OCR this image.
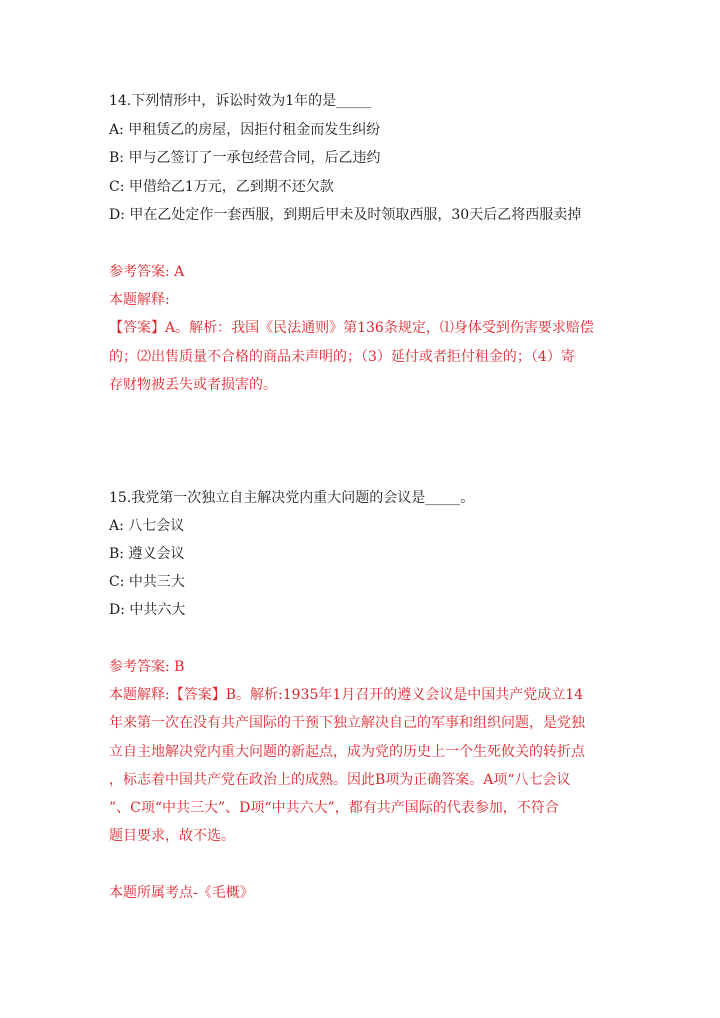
14.下列情形中，诉讼时效为1年的是_____
A: 甲租赁乙的房屋，因拒付租金而发生纠纷
B: 甲与乙签订了一承包经营合同，后乙违约
C: 甲借给乙1万元，乙到期不还欠款
D: 甲在乙处定作一套西服，到期后甲未及时领取西服，30天后乙将西服卖掉
参考答案: A
本题解释:
【答案】A。解析：我国《民法通则》第136条规定，⑴身体受到伤害要求赔偿
的；⑵出售质量不合格的商品未声明的；（3）延付或者拒付租金的；（4）寄
存财物被丢失或者损害的。
15.我党第一次独立自主解决党内重大问题的会议是_____。
A: 八七会议
B: 遵义会议
C: 中共三大
D: 中共六大
参考答案: B
本题解释:【答案】B。解析:1935年1月召开的遵义会议是中国共产党成立14
年来第一次在没有共产国际的干预下独立解决自己的军事和组织问题，是党独
立自主地解决党内重大问题的新起点，成为党的历史上一个生死攸关的转折点
，标志着中国共产党在政治上的成熟。因此B项为正确答案。A项“八七会议
”、C项“中共三大”、D项“中共六大”，都有共产国际的代表参加，不符合
题目要求，故不选。
本题所属考点-《毛概》
